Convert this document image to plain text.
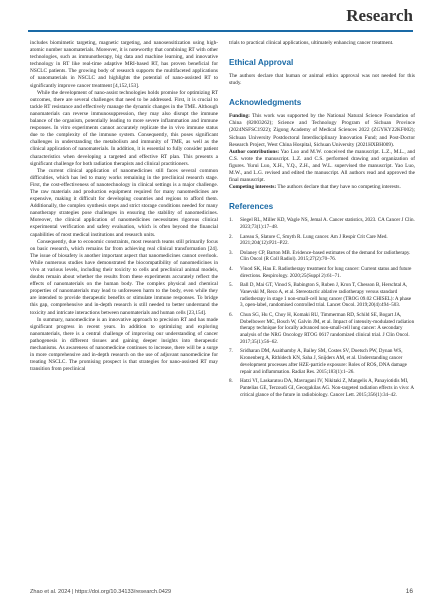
Research

includes biomimetic targeting, magnetic targeting, and nanosensitization using high-atomic number nanomaterials. Moreover, it is noteworthy that combining RT with other technologies, such as immunotherapy, big data and machine learning, and innovative technology in RT like real-time adaptive MRI-based RT, has proven beneficial for NSCLC patients. The growing body of research supports the multifaceted applications of nanomaterials in NSCLC and highlights the potential of nano-assisted RT to significantly improve cancer treatment [4,152,153].

While the development of nano-assist technologies holds promise for optimizing RT outcomes, there are several challenges that need to be addressed. First, it is crucial to tackle RT resistance and effectively manage the dynamic changes in the TME. Although nanomaterials can reverse immunosuppression, they may also disrupt the immune balance of the organism, potentially leading to more severe inflammation and immune responses. In vitro experiments cannot accurately replicate the in vivo immune status due to the complexity of the immune system. Consequently, this poses significant challenges in understanding the metabolism and immunity of TME, as well as the clinical application of nanomaterials. In addition, it is essential to fully consider patient characteristics when developing a targeted and effective RT plan. This presents a significant challenge for both radiation therapists and clinical practitioners.

The current clinical application of nanomedicines still faces several common difficulties, which has led to many works remaining in the preclinical research stage. First, the cost-effectiveness of nanotechnology in clinical settings is a major challenge. The raw materials and production equipment required for many nanomedicines are expensive, making it difficult for developing countries and regions to afford them. Additionally, the complex synthesis steps and strict storage conditions needed for many nanotherapy strategies pose challenges in ensuring the stability of nanomedicines. Moreover, the clinical application of nanomedicines necessitates rigorous clinical experimental verification and safety evaluation, which is often beyond the financial capabilities of most medical institutions and research units.

Consequently, due to economic constraints, most research teams still primarily focus on basic research, which remains far from achieving real clinical transformation [24]. The issue of biosafety is another important aspect that nanomedicines cannot overlook. While numerous studies have demonstrated the biocompatibility of nanomedicines in vivo at various levels, including their toxicity to cells and preclinical animal models, doubts remain about whether the results from these experiments accurately reflect the effects of nanomaterials on the human body. The complex physical and chemical properties of nanomaterials may lead to unforeseen harm to the body, even while they are intended to provide therapeutic benefits or stimulate immune responses. To bridge this gap, comprehensive and in-depth research is still needed to better understand the toxicity and intricate interactions between nanomaterials and human cells [23,154].

In summary, nanomedicine is an innovative approach to precision RT and has made significant progress in recent years. In addition to optimizing and exploring nanomaterials, there is a central challenge of improving our understanding of cancer pathogenesis in different tissues and gaining deeper insights into therapeutic mechanisms. As awareness of nanomedicine continues to increase, there will be a surge in more comprehensive and in-depth research on the use of adjuvant nanomedicine for treating NSCLC. The promising prospect is that strategies for nano-assisted RT may transition from preclinical

trials to practical clinical applications, ultimately enhancing cancer treatment.

Ethical Approval

The authors declare that human or animal ethics approval was not needed for this study.

Acknowledgments

Funding: This work was supported by the National Natural Science Foundation of China (82003262); Science and Technology Program of Sichuan Province (2024NSFSC1922); Zigong Academy of Medical Sciences 2022 (ZGYKY22KF002); Sichuan University Postdoctoral Interdisciplinary Innovation Fund; and Post-Doctor Research Project, West China Hospital, Sichuan University (2021HXBH009).

Author contributions: Yao Luo and M.W. conceived the manuscript. L.Z., M.L., and C.S. wrote the manuscript. L.Z. and C.S. performed drawing and organization of figures. Yurui Luo, X.H., Y.Q., Z.H., and W.L. supervised the manuscript. Yao Luo, M.W., and L.G. revised and edited the manuscript. All authors read and approved the final manuscript.

Competing interests: The authors declare that they have no competing interests.

References
1.	Siegel RL, Miller KD, Wagle NS, Jemal A. Cancer statistics, 2023. CA Cancer J Clin. 2023;73(1):17–48.
2.	Lareau S, Slatore C, Smyth R. Lung cancer. Am J Respir Crit Care Med. 2021;204(12):P21–P22.
3.	Dolaney CP, Barton MB. Evidence-based estimates of the demand for radiotherapy. Clin Oncol (R Coll Radiol). 2015;27(2):70–76.
4.	Vinod SK, Hau E. Radiotherapy treatment for lung cancer: Current status and future directions. Respirology. 2020;25(Suppl 2):61–71.
5.	Ball D, Mai GT, Vinod S, Babington S, Ruben J, Kron T, Chesson B, Herschtal A, Vanevski M, Rezo A, et al. Stereotactic ablative radiotherapy versus standard radiotherapy in stage 1 non-small-cell lung cancer (TROG 09.02 CHISEL): A phase 3, open-label, randomised controlled trial. Lancet Oncol. 2019;20(4):494–503.
6.	Chun SG, Hu C, Choy H, Komaki RU, Timmerman RD, Schild SE, Bogart JA, Dobelbower MC, Bosch W, Galvin JM, et al. Impact of intensity-modulated radiation therapy technique for locally advanced non-small-cell lung cancer: A secondary analysis of the NRG Oncology RTOG 0617 randomized clinical trial. J Clin Oncol. 2017;35(1):56–62.
7.	Sridharan DM, Asaithamby A, Bailey SM, Costes SV, Doetsch PW, Dynan WS, Kronenberg A, Rithidech KN, Saha J, Snijders AM, et al. Understanding cancer development processes after HZE-particle exposure: Roles of ROS, DNA damage repair and inflammation. Radiat Res. 2015;183(1):1–26.
8.	Hatzi VI, Laskaratou DA, Mavragani IV, Nikitaki Z, Mangelis A, Panayiotidis MI, Pantelias GE, Terzoudi GI, Georgakilas AG. Non-targeted radiation effects in vivo: A critical glance of the future in radiobiology. Cancer Lett. 2015;356(1):34–42.
Zhao et al. 2024 | https://doi.org/10.34133/research.0429	16
